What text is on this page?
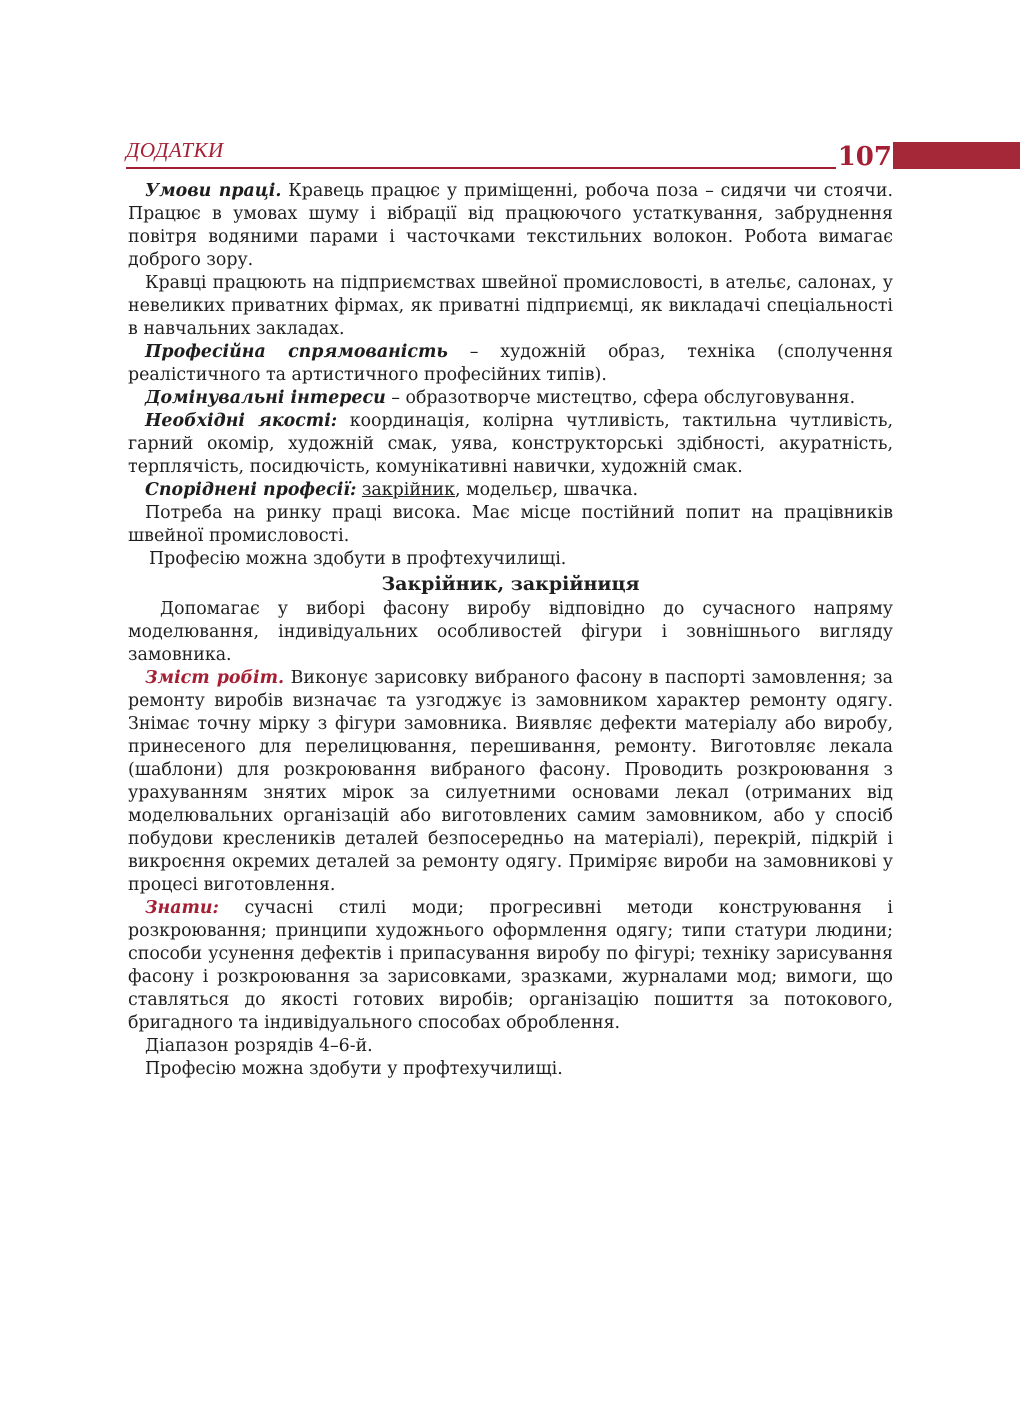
ДОДАТКИ	107

Умови праці. Кравець працює у приміщенні, робоча поза – сидячи чи стоячи. Працює в умовах шуму і вібрації від працюючого устаткування, забруднення повітря водяними парами і часточками текстильних волокон. Робота вимагає доброго зору.

Кравці працюють на підприємствах швейної промисловості, в ательє, салонах, у невеликих приватних фірмах, як приватні підприємці, як викладачі спеціальності в навчальних закладах.

Професійна спрямованість – художній образ, техніка (сполучення реалістичного та артистичного професійних типів).

Домінувальні інтереси – образотворче мистецтво, сфера обслуговування.

Необхідні якості: координація, колірна чутливість, тактильна чутливість, гарний окомір, художній смак, уява, конструкторські здібності, акуратність, терплячість, посидючість, комунікативні навички, художній смак.

Споріднені професії: закрійник, модельєр, швачка.

Потреба на ринку праці висока. Має місце постійний попит на працівників швейної промисловості.

Професію можна здобути в профтехучилищі.

Закрійник, закрійниця

Допомагає у виборі фасону виробу відповідно до сучасного напряму моделювання, індивідуальних особливостей фігури і зовнішнього вигляду замовника.

Зміст робіт. Виконує зарисовку вибраного фасону в паспорті замовлення; за ремонту виробів визначає та узгоджує із замовником характер ремонту одягу. Знімає точну мірку з фігури замовника. Виявляє дефекти матеріалу або виробу, принесеного для перелицювання, перешивання, ремонту. Виготовляє лекала (шаблони) для розкроювання вибраного фасону. Проводить розкроювання з урахуванням знятих мірок за силуетними основами лекал (отриманих від моделювальних організацій або виготовлених самим замовником, або у спосіб побудови креслеників деталей безпосередньо на матеріалі), перекрій, підкрій і викроєння окремих деталей за ремонту одягу. Приміряє вироби на замовникові у процесі виготовлення.

Знати: сучасні стилі моди; прогресивні методи конструювання і розкроювання; принципи художнього оформлення одягу; типи статури людини; способи усунення дефектів і припасування виробу по фігурі; техніку зарисування фасону і розкроювання за зарисовками, зразками, журналами мод; вимоги, що ставляться до якості готових виробів; організацію пошиття за потокового, бригадного та індивідуального способах оброблення.

Діапазон розрядів 4–6-й.

Професію можна здобути у профтехучилищі.
